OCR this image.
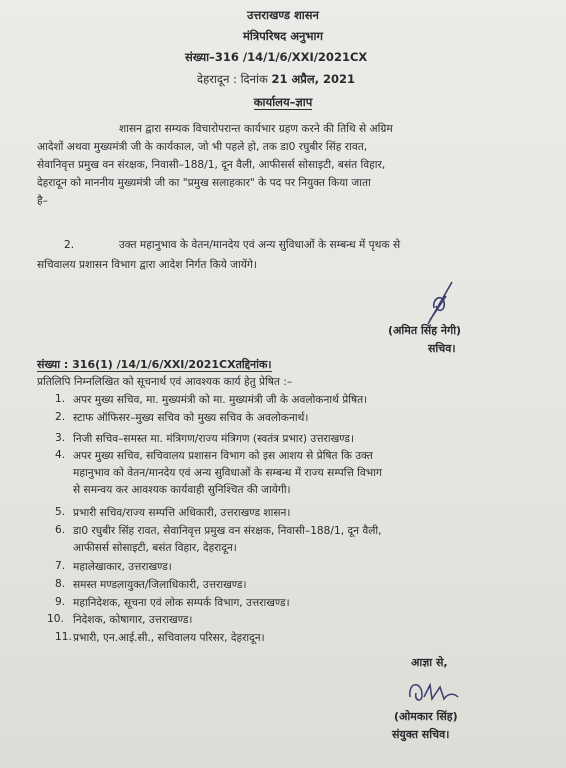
उत्तराखण्ड शासन
मंत्रिपरिषद अनुभाग
संख्या–316 /14/1/6/XXI/2021CX
देहरादून : दिनांक 21 अप्रैल, 2021
कार्यालय–ज्ञाप
शासन द्वारा सम्यक विचारोपरान्त कार्यभार ग्रहण करने की तिथि से अग्रिम
आदेशों अथवा मुख्यमंत्री जी के कार्यकाल, जो भी पहले हो, तक डा0 रघुबीर सिंह रावत,
सेवानिवृत्त प्रमुख वन संरक्षक, निवासी–188/1, दून वैली, आफीसर्स सोसाइटी, बसंत विहार,
देहरादून को माननीय मुख्यमंत्री जी का "प्रमुख सलाहकार" के पद पर नियुक्त किया जाता
है–
2.	उक्त महानुभाव के वेतन/मानदेय एवं अन्य सुविधाओं के सम्बन्ध में पृथक से
सचिवालय प्रशासन विभाग द्वारा आदेश निर्गत किये जायेंगे।
(अमित सिंह नेगी)
सचिव।
संख्या : 316(1) /14/1/6/XXI/2021CXतद्दिनांक।
प्रतिलिपि निम्नलिखित को सूचनार्थ एवं आवश्यक कार्य हेतु प्रेषित :–
1. अपर मुख्य सचिव, मा. मुख्यमंत्री को मा. मुख्यमंत्री जी के अवलोकनार्थ प्रेषित।
2. स्टाफ ऑफिसर–मुख्य सचिव को मुख्य सचिव के अवलोकनार्थ।
3. निजी सचिव–समस्त मा. मंत्रिगण/राज्य मंत्रिगण (स्वतंत्र प्रभार) उत्तराखण्ड।
4. अपर मुख्य सचिव, सचिवालय प्रशासन विभाग को इस आशय से प्रेषित कि उक्त
महानुभाव को वेतन/मानदेय एवं अन्य सुविधाओं के सम्बन्ध में राज्य सम्पत्ति विभाग
से समन्वय कर आवश्यक कार्यवाही सुनिश्चित की जायेगी।
5. प्रभारी सचिव/राज्य सम्पत्ति अधिकारी, उत्तराखण्ड शासन।
6. डा0 रघुबीर सिंह रावत, सेवानिवृत्त प्रमुख वन संरक्षक, निवासी–188/1, दून वैली,
आफीसर्स सोसाइटी, बसंत विहार, देहरादून।
7. महालेखाकार, उत्तराखण्ड।
8. समस्त मण्डलायुक्त/जिलाधिकारी, उत्तराखण्ड।
9. महानिदेशक, सूचना एवं लोक सम्पर्क विभाग, उत्तराखण्ड।
10. निदेशक, कोषागार, उत्तराखण्ड।
11. प्रभारी, एन.आई.सी., सचिवालय परिसर, देहरादून।
आज्ञा से,
(ओमकार सिंह)
संयुक्त सचिव।
